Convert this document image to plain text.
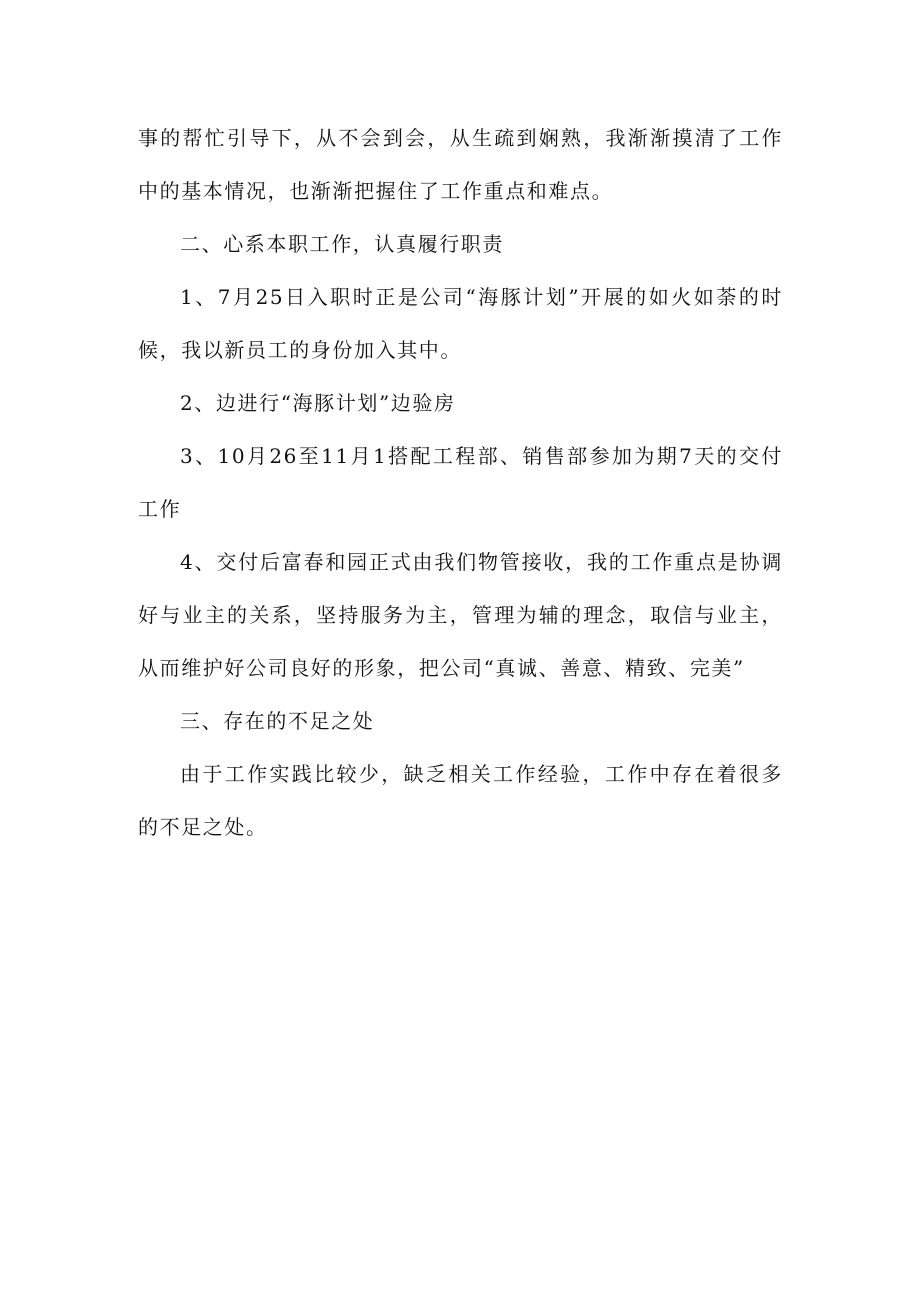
事的帮忙引导下，从不会到会，从生疏到娴熟，我渐渐摸清了工作中的基本情况，也渐渐把握住了工作重点和难点。

二、心系本职工作，认真履行职责

1、7月25日入职时正是公司“海豚计划”开展的如火如荼的时候，我以新员工的身份加入其中。

2、边进行“海豚计划”边验房

3、10月26至11月1搭配工程部、销售部参加为期7天的交付工作

4、交付后富春和园正式由我们物管接收，我的工作重点是协调好与业主的关系，坚持服务为主，管理为辅的理念，取信与业主，从而维护好公司良好的形象，把公司“真诚、善意、精致、完美”

三、存在的不足之处

由于工作实践比较少，缺乏相关工作经验，工作中存在着很多的不足之处。
